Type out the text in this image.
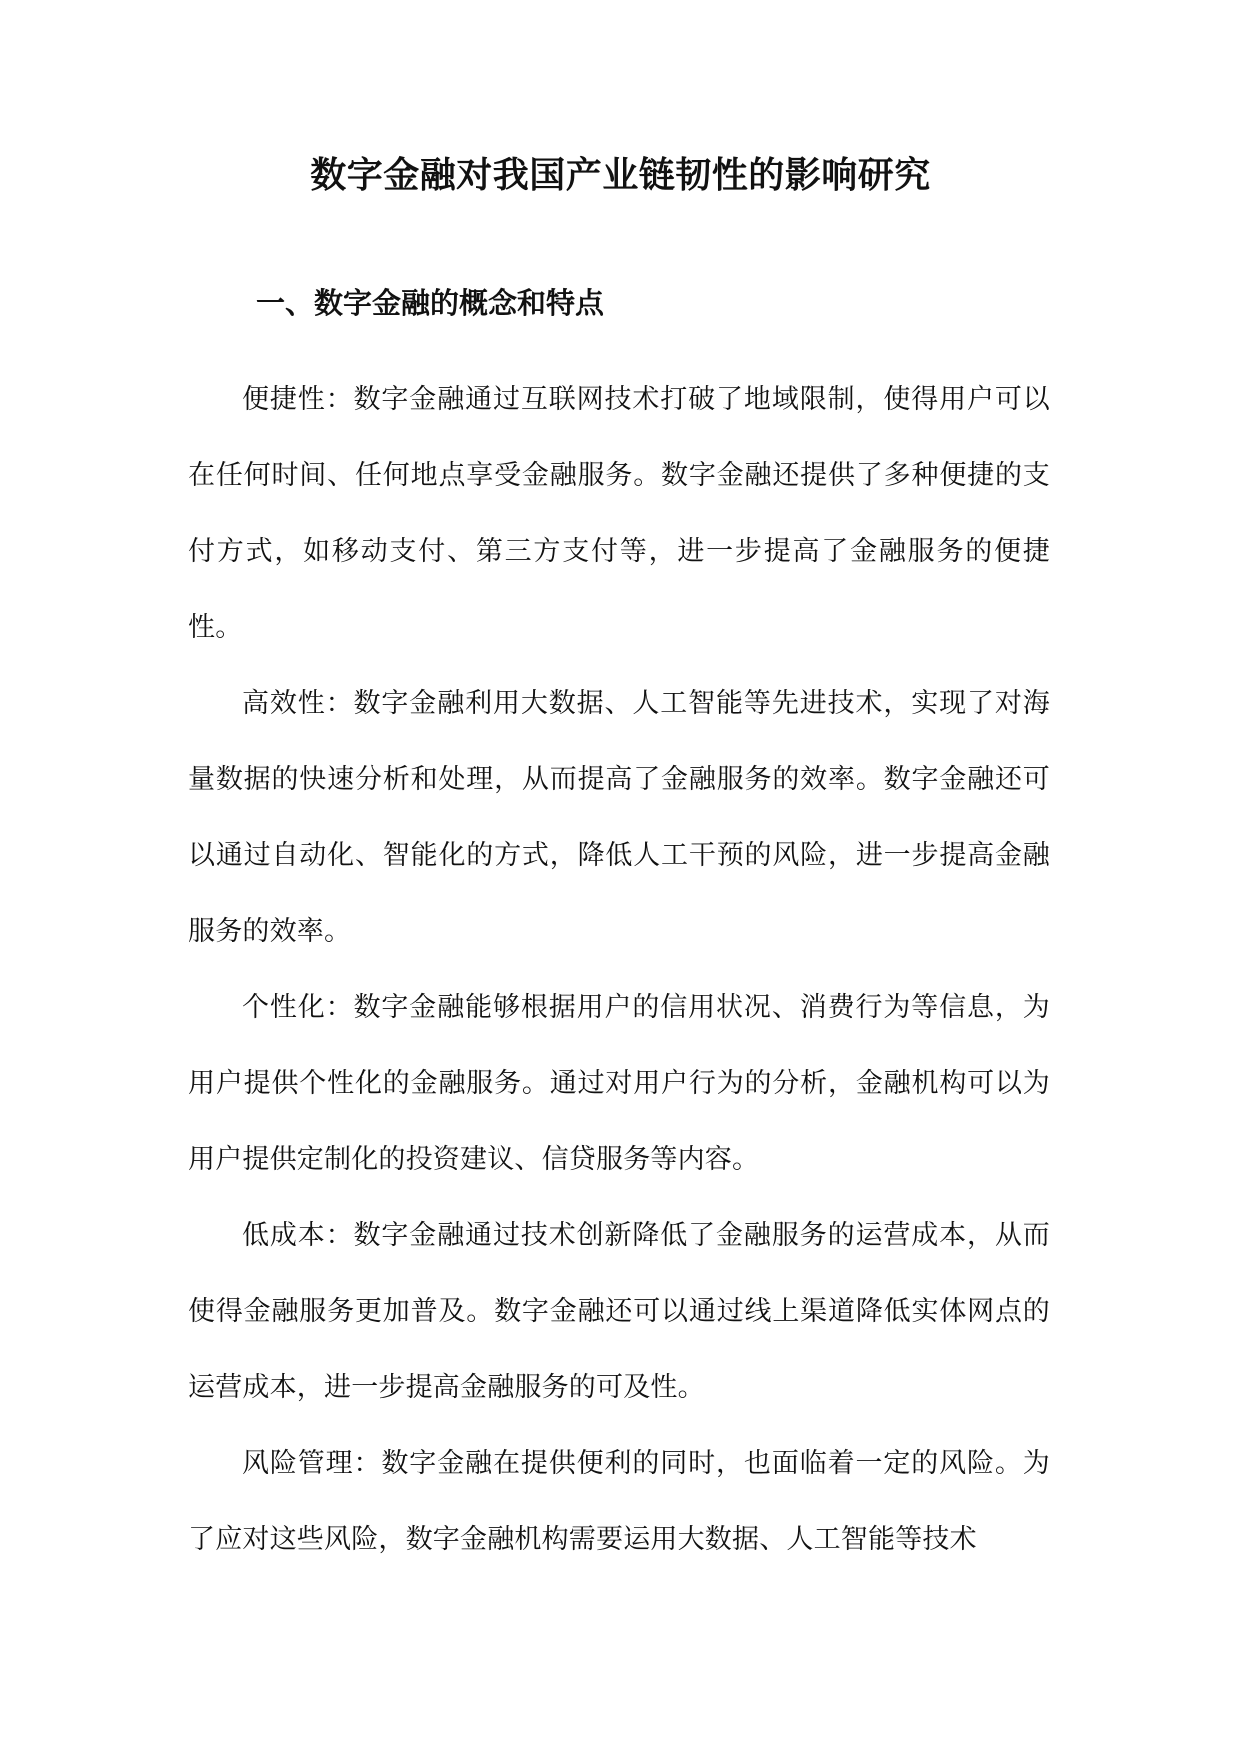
数字金融对我国产业链韧性的影响研究
一、数字金融的概念和特点

便捷性：数字金融通过互联网技术打破了地域限制，使得用户可以在任何时间、任何地点享受金融服务。数字金融还提供了多种便捷的支付方式，如移动支付、第三方支付等，进一步提高了金融服务的便捷性。

高效性：数字金融利用大数据、人工智能等先进技术，实现了对海量数据的快速分析和处理，从而提高了金融服务的效率。数字金融还可以通过自动化、智能化的方式，降低人工干预的风险，进一步提高金融服务的效率。

个性化：数字金融能够根据用户的信用状况、消费行为等信息，为用户提供个性化的金融服务。通过对用户行为的分析，金融机构可以为用户提供定制化的投资建议、信贷服务等内容。

低成本：数字金融通过技术创新降低了金融服务的运营成本，从而使得金融服务更加普及。数字金融还可以通过线上渠道降低实体网点的运营成本，进一步提高金融服务的可及性。

风险管理：数字金融在提供便利的同时，也面临着一定的风险。为了应对这些风险，数字金融机构需要运用大数据、人工智能等技术
